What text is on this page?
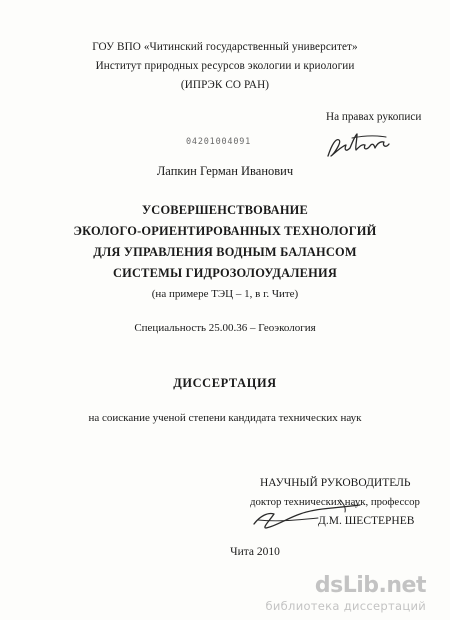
ГОУ ВПО «Читинский государственный университет»
Институт природных ресурсов экологии и криологии
(ИПРЭК СО РАН)
На правах рукописи
04201004091
Лапкин Герман Иванович
УСОВЕРШЕНСТВОВАНИЕ
ЭКОЛОГО-ОРИЕНТИРОВАННЫХ ТЕХНОЛОГИЙ
ДЛЯ УПРАВЛЕНИЯ ВОДНЫМ БАЛАНСОМ
СИСТЕМЫ ГИДРОЗОЛОУДАЛЕНИЯ
(на примере ТЭЦ – 1, в г. Чите)
Специальность 25.00.36 – Геоэкология
ДИССЕРТАЦИЯ
на соискание ученой степени кандидата технических наук
НАУЧНЫЙ РУКОВОДИТЕЛЬ
доктор технических наук, профессор
Д.М. ШЕСТЕРНЕВ
Чита 2010
dsLib.net
библиотека диссертаций
